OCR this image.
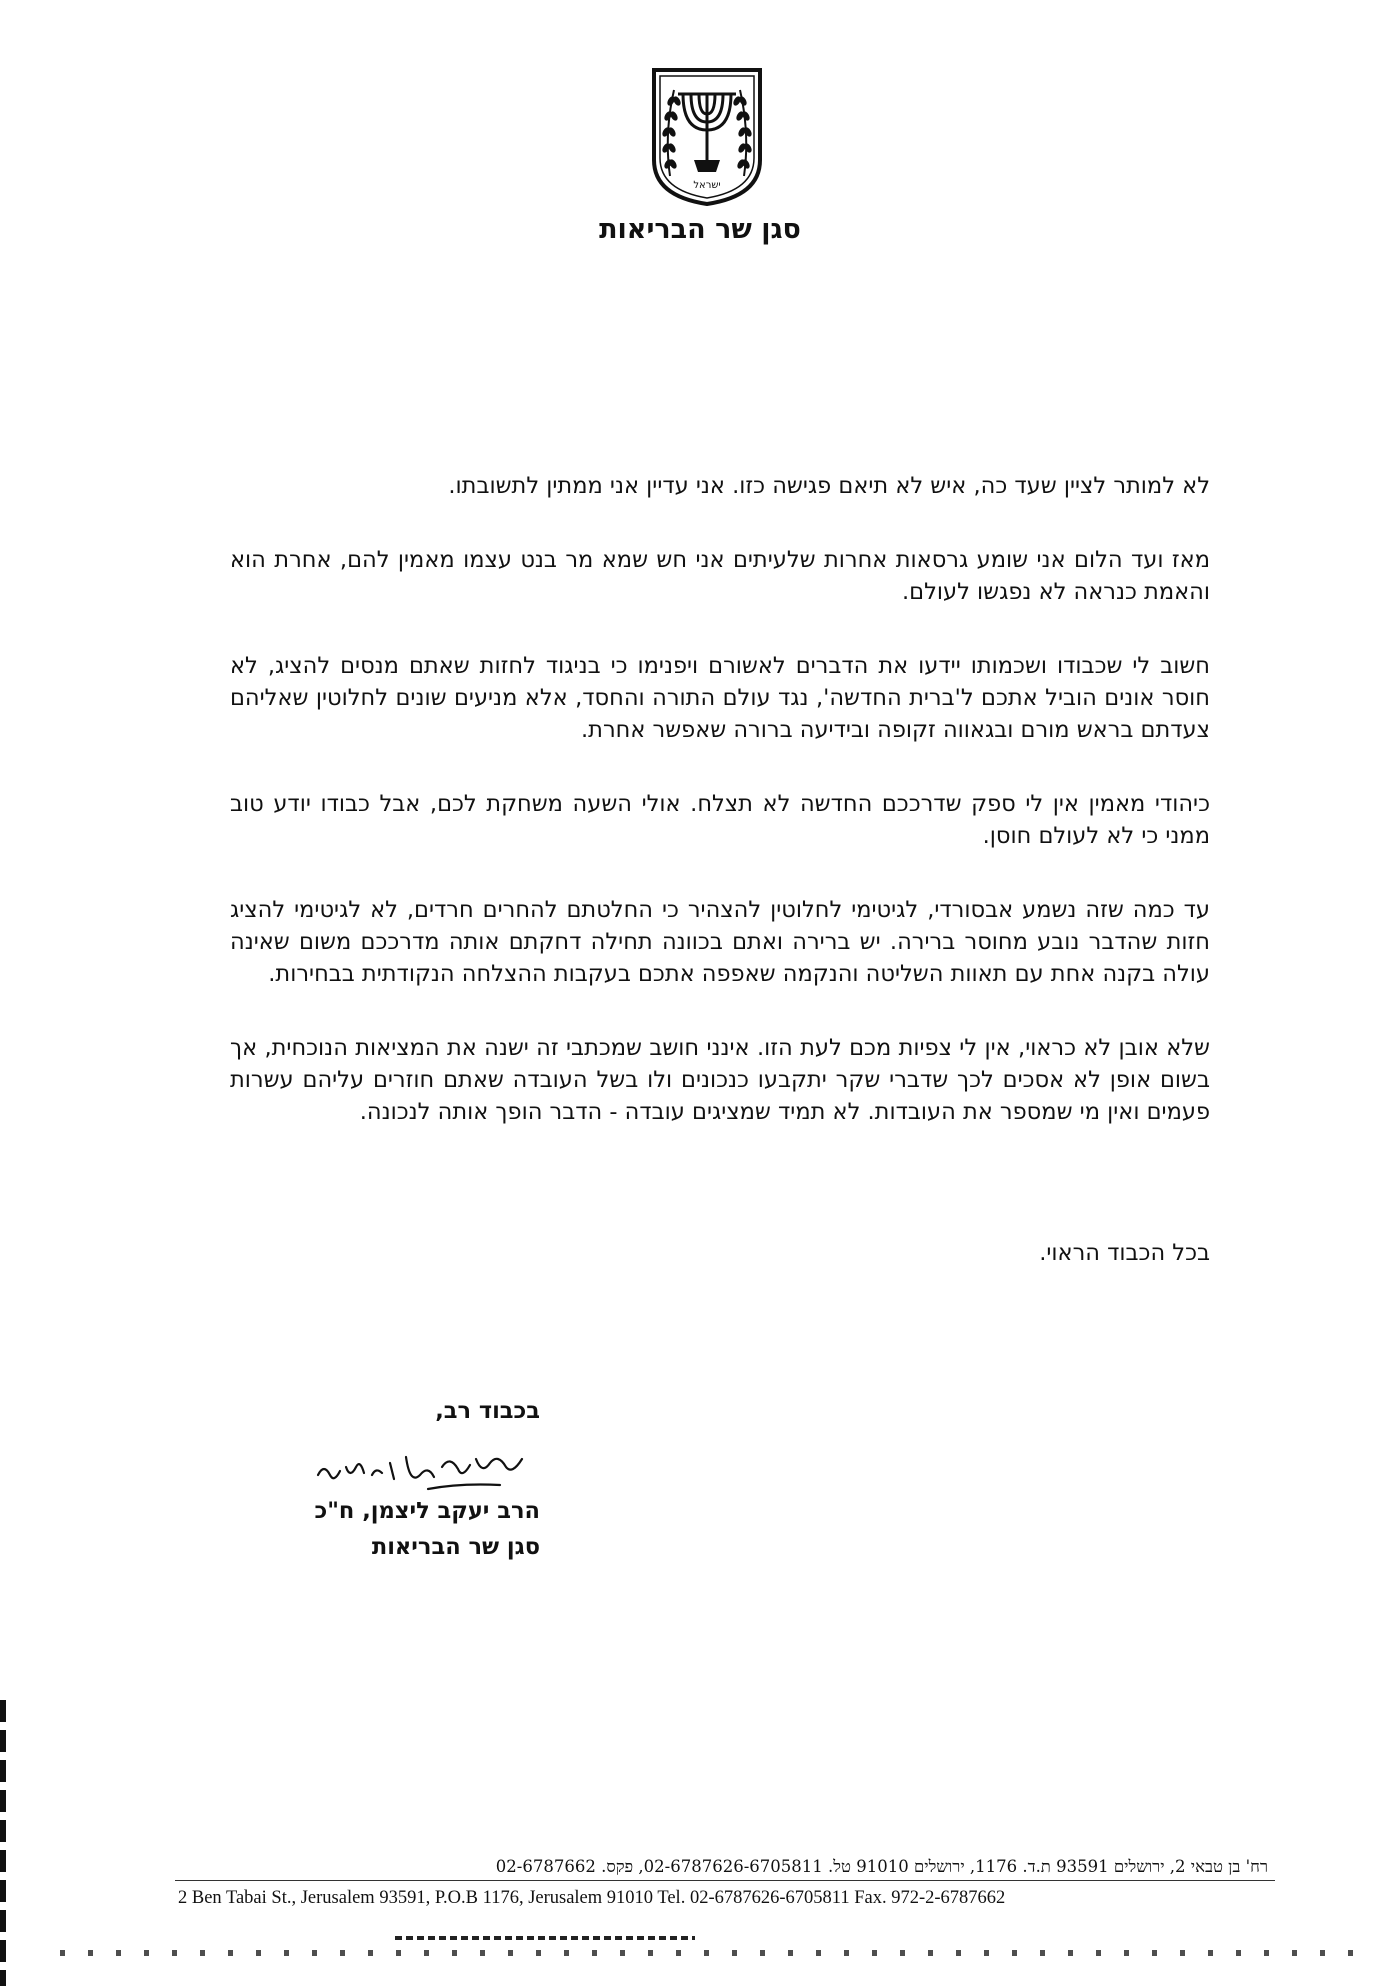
ישראל
סגן שר הבריאות

לא למותר לציין שעד כה, איש לא תיאם פגישה כזו. אני עדיין אני ממתין לתשובתו.

מאז ועד הלום אני שומע גרסאות אחרות שלעיתים אני חש שמא מר בנט עצמו מאמין להם, אחרת הוא והאמת כנראה לא נפגשו לעולם.

חשוב לי שכבודו ושכמותו יידעו את הדברים לאשורם ויפנימו כי בניגוד לחזות שאתם מנסים להציג, לא חוסר אונים הוביל אתכם ל'ברית החדשה', נגד עולם התורה והחסד, אלא מניעים שונים לחלוטין שאליהם צעדתם בראש מורם ובגאווה זקופה ובידיעה ברורה שאפשר אחרת.

כיהודי מאמין אין לי ספק שדרככם החדשה לא תצלח. אולי השעה משחקת לכם, אבל כבודו יודע טוב ממני כי לא לעולם חוסן.

עד כמה שזה נשמע אבסורדי, לגיטימי לחלוטין להצהיר כי החלטתם להחרים חרדים, לא לגיטימי להציג חזות שהדבר נובע מחוסר ברירה. יש ברירה ואתם בכוונה תחילה דחקתם אותה מדרככם משום שאינה עולה בקנה אחת עם תאוות השליטה והנקמה שאפפה אתכם בעקבות ההצלחה הנקודתית בבחירות.

שלא אובן לא כראוי, אין לי צפיות מכם לעת הזו. אינני חושב שמכתבי זה ישנה את המציאות הנוכחית, אך בשום אופן לא אסכים לכך שדברי שקר יתקבעו כנכונים ולו בשל העובדה שאתם חוזרים עליהם עשרות פעמים ואין מי שמספר את העובדות. לא תמיד שמציגים עובדה - הדבר הופך אותה לנכונה.

בכל הכבוד הראוי.
בכבוד רב,
הרב יעקב ליצמן, ח"כ
סגן שר הבריאות
רח' בן טבאי 2, ירושלים 93591 ת.ד. 1176, ירושלים 91010 טל. 02-6787626-6705811, פקס. 02-6787662
2 Ben Tabai St., Jerusalem 93591, P.O.B 1176, Jerusalem 91010 Tel. 02-6787626-6705811 Fax. 972-2-6787662
